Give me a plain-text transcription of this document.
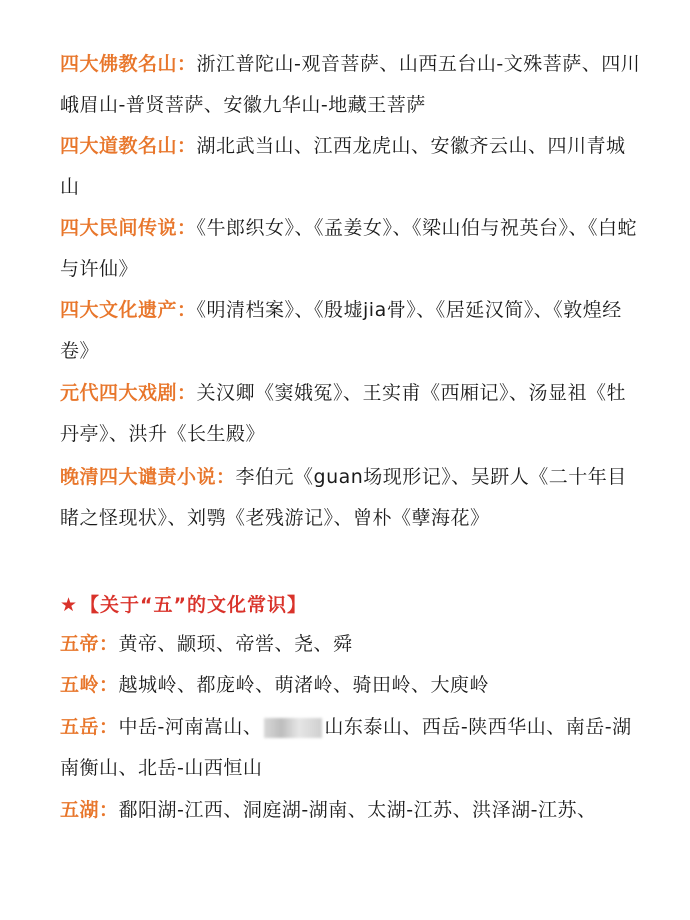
四大佛教名山：浙江普陀山-观音菩萨、山西五台山-文殊菩萨、四川峨眉山-普贤菩萨、安徽九华山-地藏王菩萨
四大道教名山：湖北武当山、江西龙虎山、安徽齐云山、四川青城山
四大民间传说：《牛郎织女》、《孟姜女》、《梁山伯与祝英台》、《白蛇与许仙》
四大文化遗产：《明清档案》、《殷墟jia骨》、《居延汉简》、《敦煌经卷》
元代四大戏剧：关汉卿《窦娥冤》、王实甫《西厢记》、汤显祖《牡丹亭》、洪升《长生殿》
晚清四大谴责小说：李伯元《guan场现形记》、吴趼人《二十年目睹之怪现状》、刘鹗《老残游记》、曾朴《孽海花》
★ 【关于“五”的文化常识】
五帝：黄帝、颛顼、帝喾、尧、舜
五岭：越城岭、都庞岭、萌渚岭、骑田岭、大庾岭
五岳：中岳-河南嵩山、	山东泰山、西岳-陕西华山、南岳-湖南衡山、北岳-山西恒山
五湖：鄱阳湖-江西、洞庭湖-湖南、太湖-江苏、洪泽湖-江苏、
